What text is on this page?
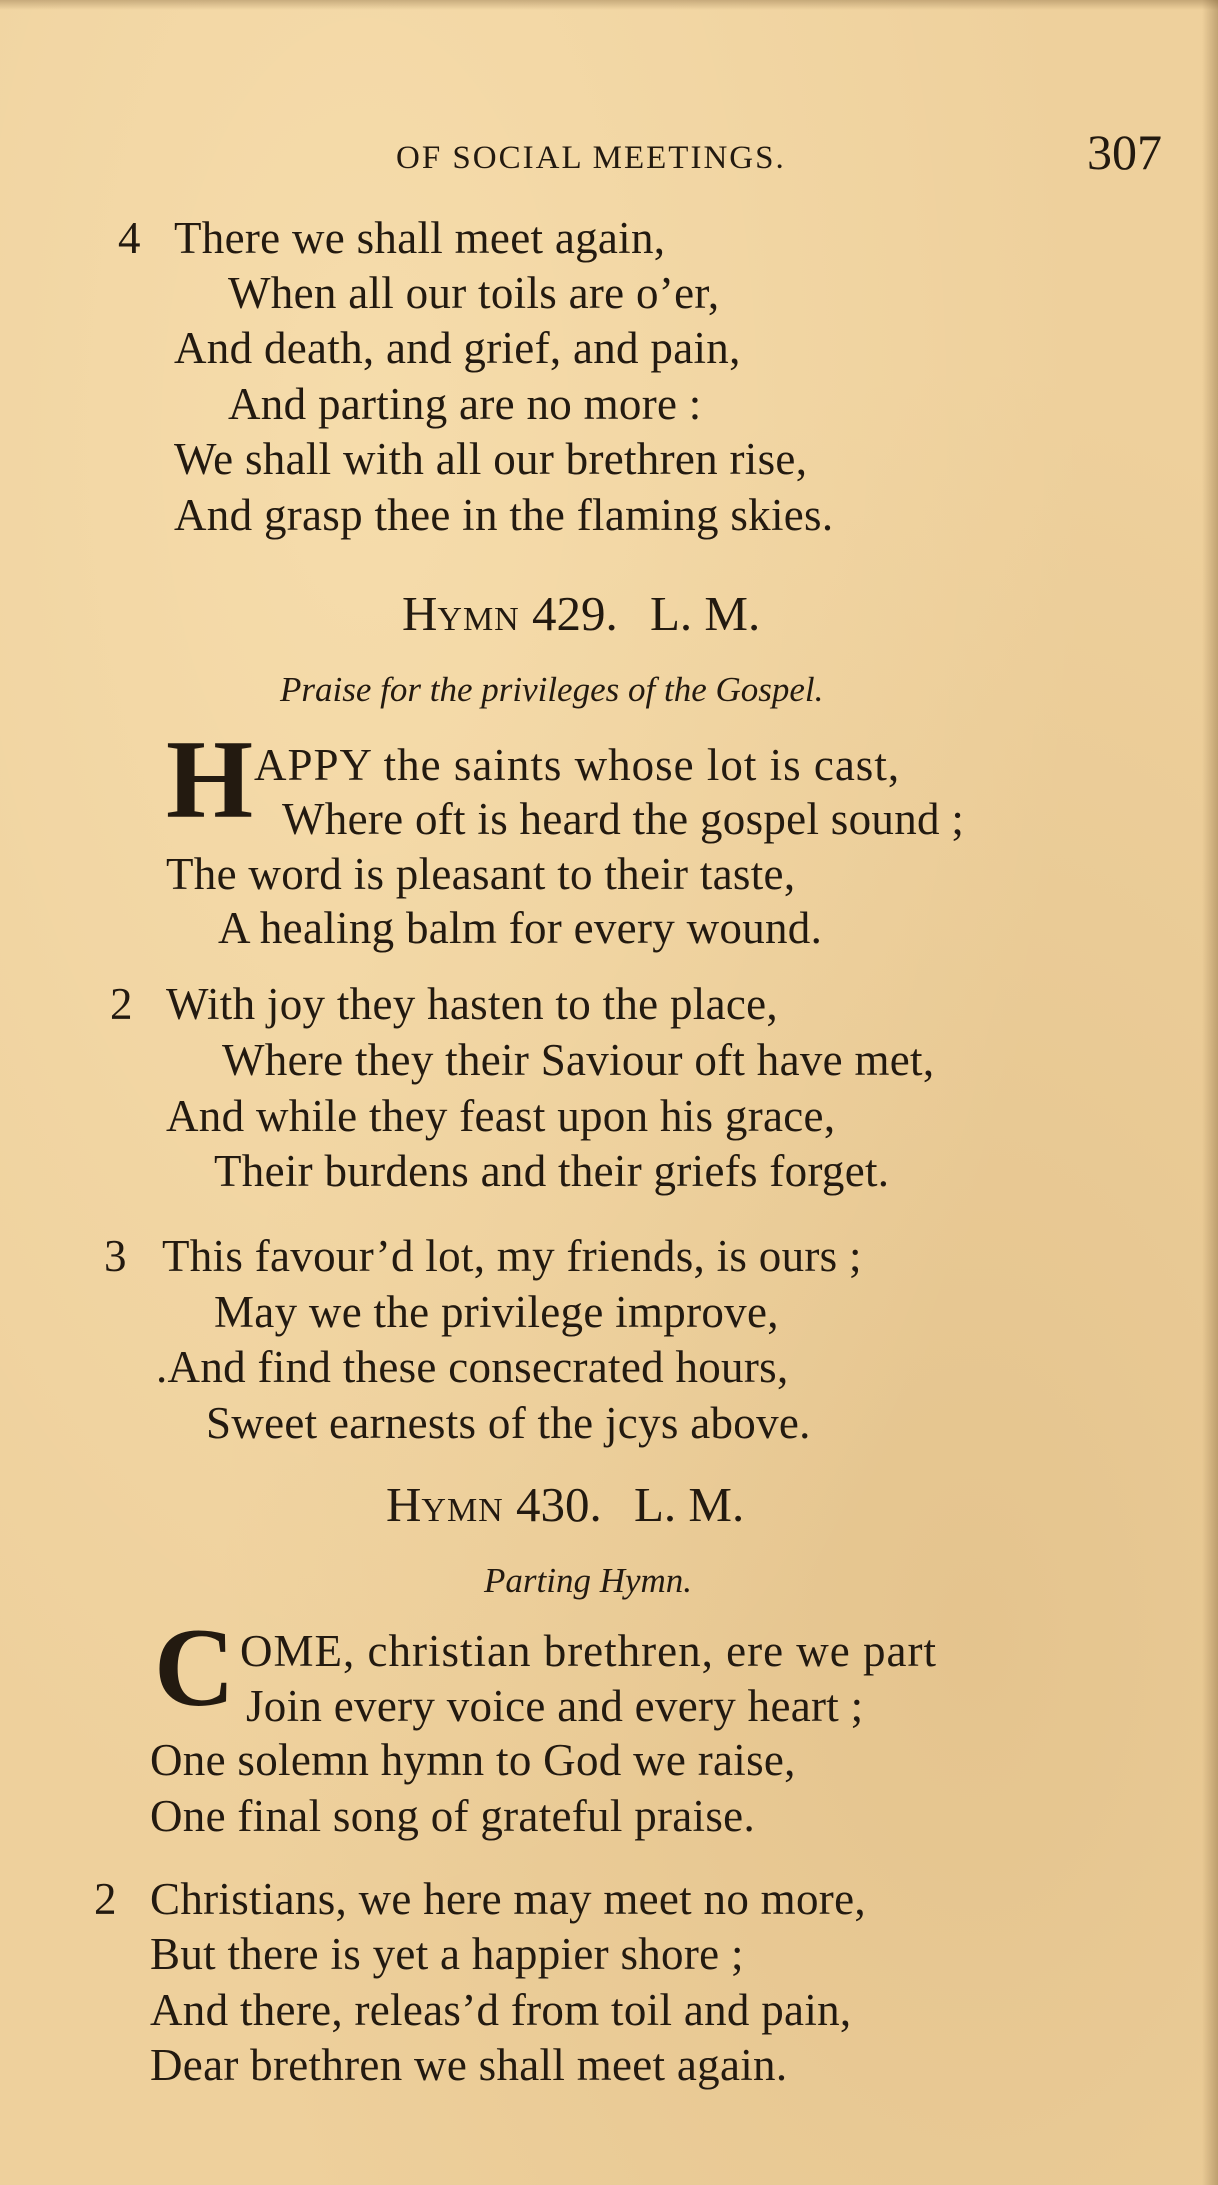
OF SOCIAL MEETINGS.	307
4 There we shall meet again,
When all our toils are o’er,
And death, and grief, and pain,
And parting are no more :
We shall with all our brethren rise,
And grasp thee in the flaming skies.
HYMN 429. L. M.
Praise for the privileges of the Gospel.
H APPY the saints whose lot is cast,
Where oft is heard the gospel sound ;
The word is pleasant to their taste,
A healing balm for every wound.
2 With joy they hasten to the place,
Where they their Saviour oft have met,
And while they feast upon his grace,
Their burdens and their griefs forget.
3 This favour’d lot, my friends, is ours ;
May we the privilege improve,
.And find these consecrated hours,
Sweet earnests of the jcys above.
HYMN 430. L. M.
Parting Hymn.
C OME, christian brethren, ere we part
Join every voice and every heart ;
One solemn hymn to God we raise,
One final song of grateful praise.
2 Christians, we here may meet no more,
But there is yet a happier shore ;
And there, releas’d from toil and pain,
Dear brethren we shall meet again.
